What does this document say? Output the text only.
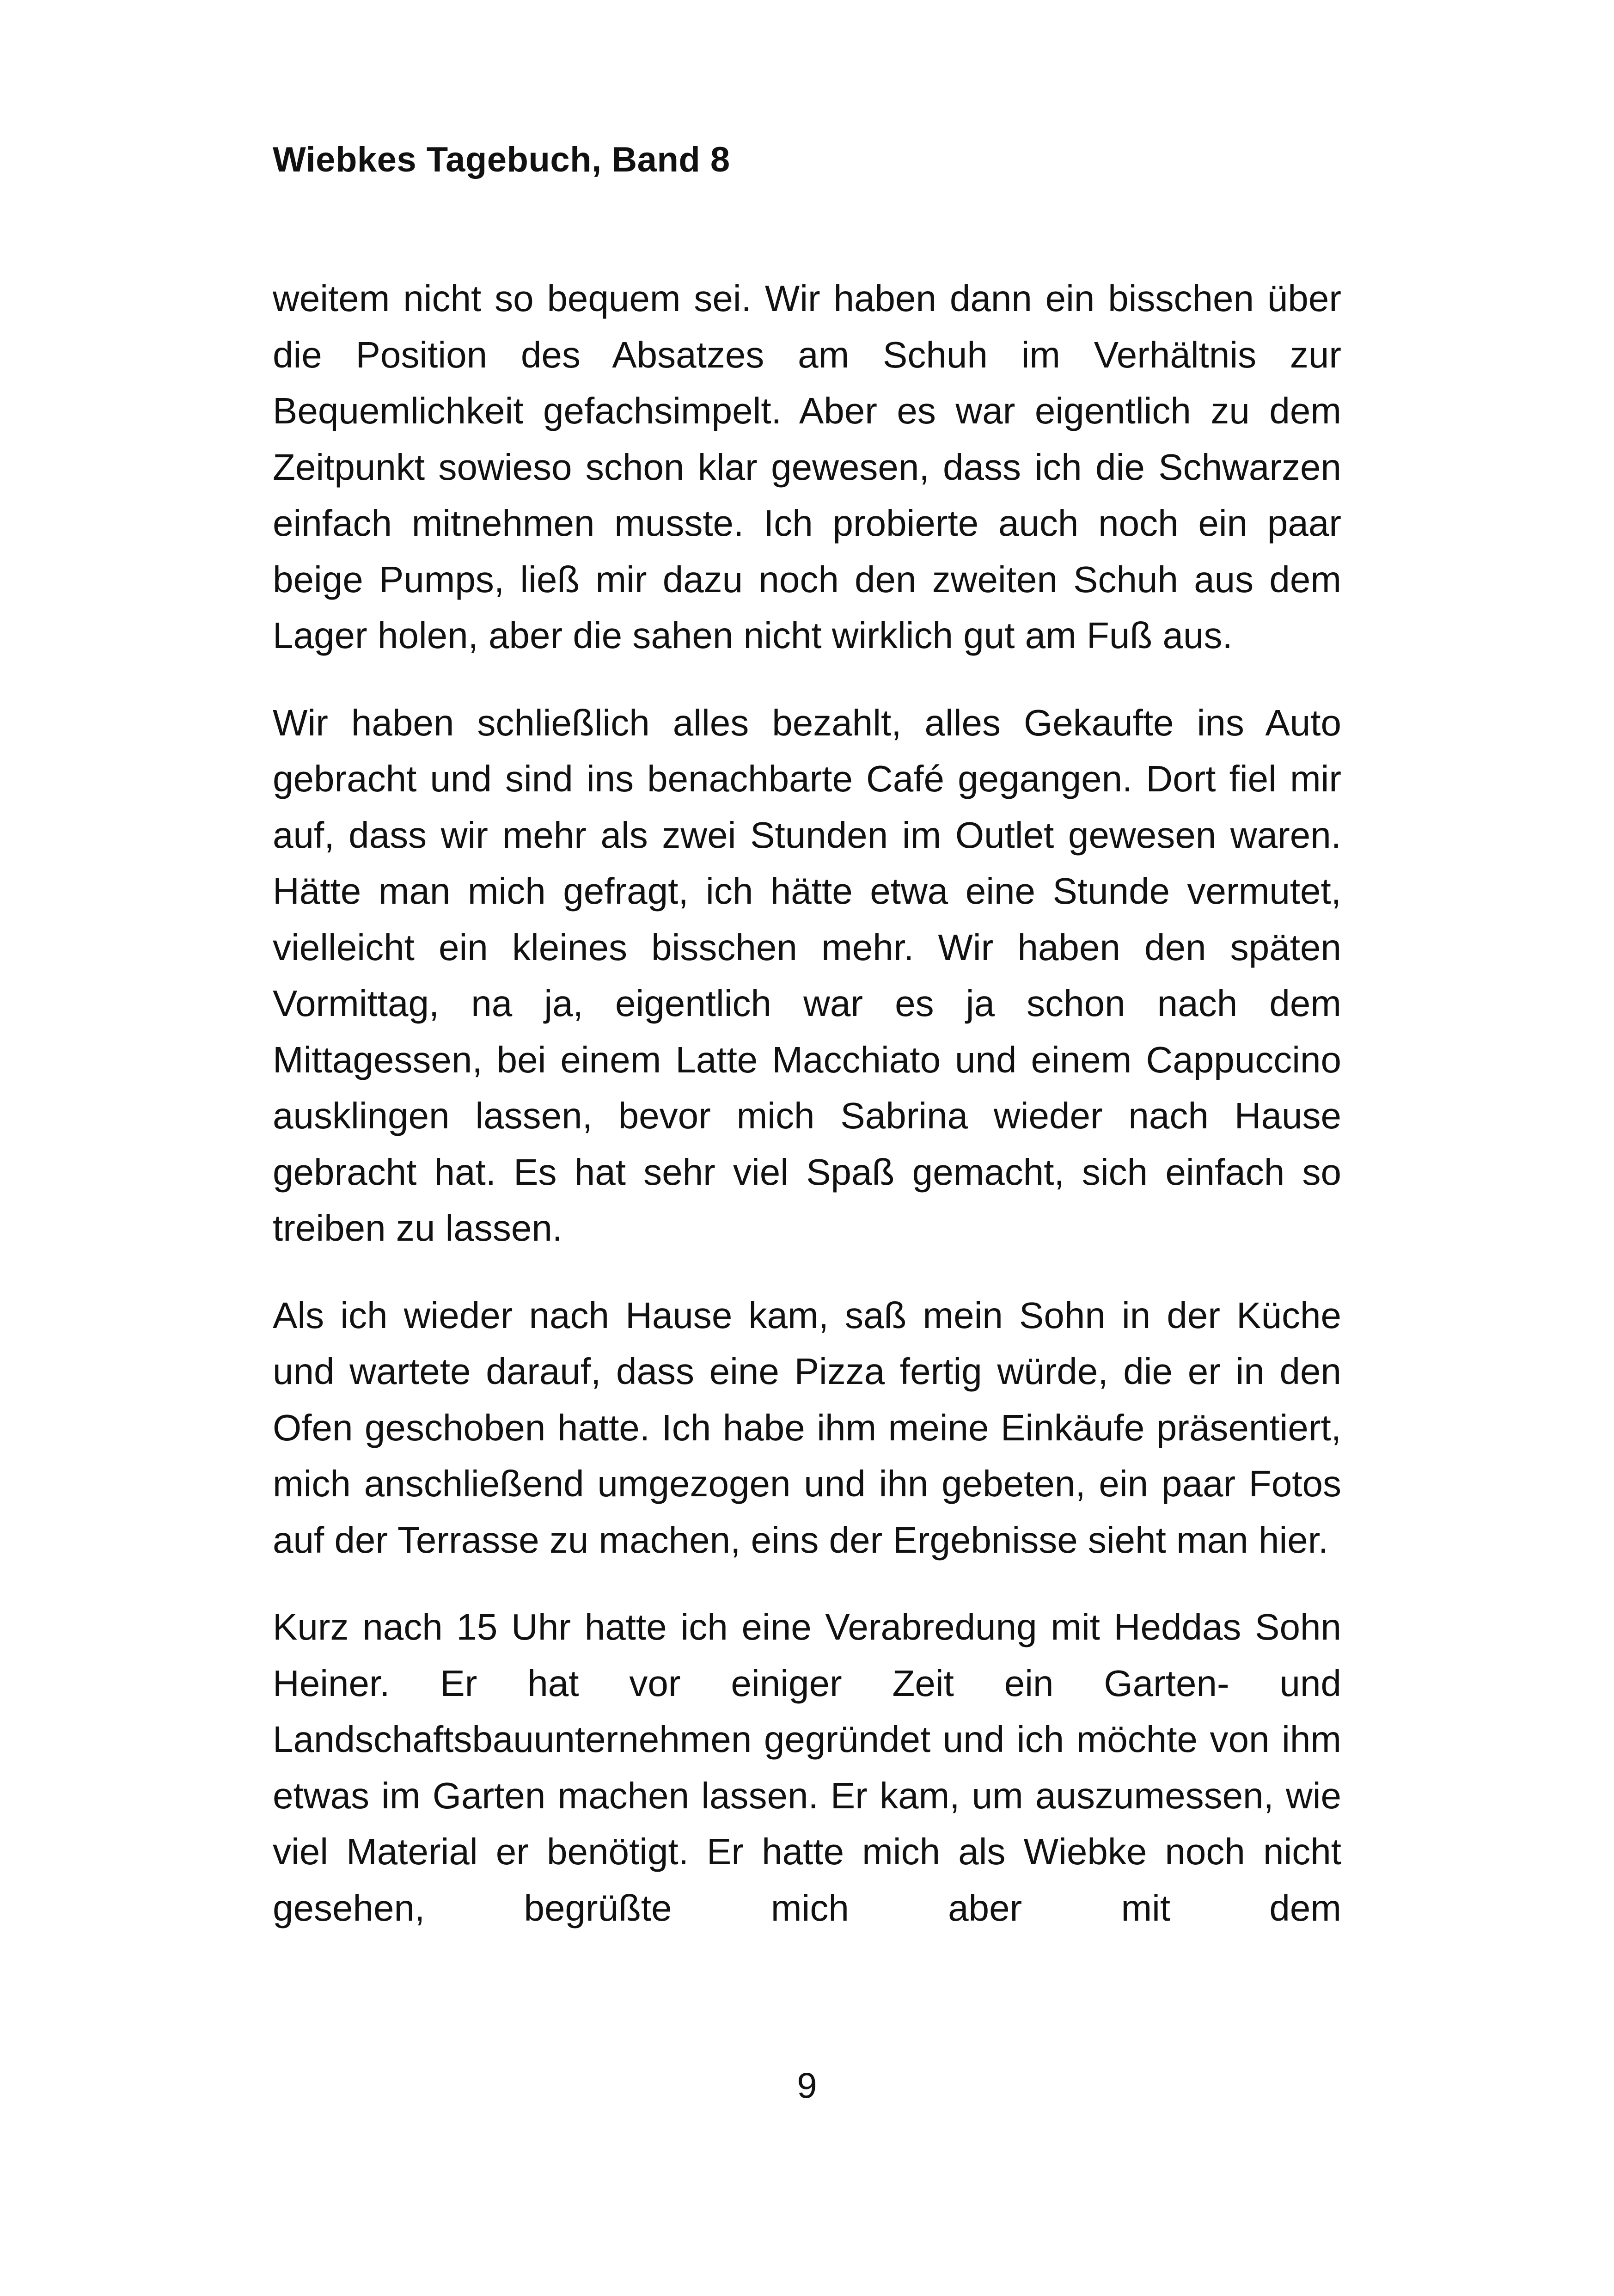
Wiebkes Tagebuch, Band 8

weitem nicht so bequem sei. Wir haben dann ein bisschen über die Position des Absatzes am Schuh im Verhältnis zur Bequemlichkeit gefachsimpelt. Aber es war eigentlich zu dem Zeitpunkt sowieso schon klar gewesen, dass ich die Schwarzen einfach mitnehmen musste. Ich probierte auch noch ein paar beige Pumps, ließ mir dazu noch den zweiten Schuh aus dem Lager holen, aber die sahen nicht wirklich gut am Fuß aus.

Wir haben schließlich alles bezahlt, alles Gekaufte ins Auto gebracht und sind ins benachbarte Café gegangen. Dort fiel mir auf, dass wir mehr als zwei Stunden im Outlet gewesen waren. Hätte man mich gefragt, ich hätte etwa eine Stunde vermutet, vielleicht ein kleines bisschen mehr. Wir haben den späten Vormittag, na ja, eigentlich war es ja schon nach dem Mittagessen, bei einem Latte Macchiato und einem Cappuccino ausklingen lassen, bevor mich Sabrina wieder nach Hause gebracht hat. Es hat sehr viel Spaß gemacht, sich einfach so treiben zu lassen.

Als ich wieder nach Hause kam, saß mein Sohn in der Küche und wartete darauf, dass eine Pizza fertig würde, die er in den Ofen geschoben hatte. Ich habe ihm meine Einkäufe präsentiert, mich anschließend umgezogen und ihn gebeten, ein paar Fotos auf der Terrasse zu machen, eins der Ergebnisse sieht man hier.

Kurz nach 15 Uhr hatte ich eine Verabredung mit Heddas Sohn Heiner. Er hat vor einiger Zeit ein Garten- und Landschaftsbauunternehmen gegründet und ich möchte von ihm etwas im Garten machen lassen. Er kam, um auszumessen, wie viel Material er benötigt. Er hatte mich als Wiebke noch nicht gesehen, begrüßte mich aber mit dem

9
